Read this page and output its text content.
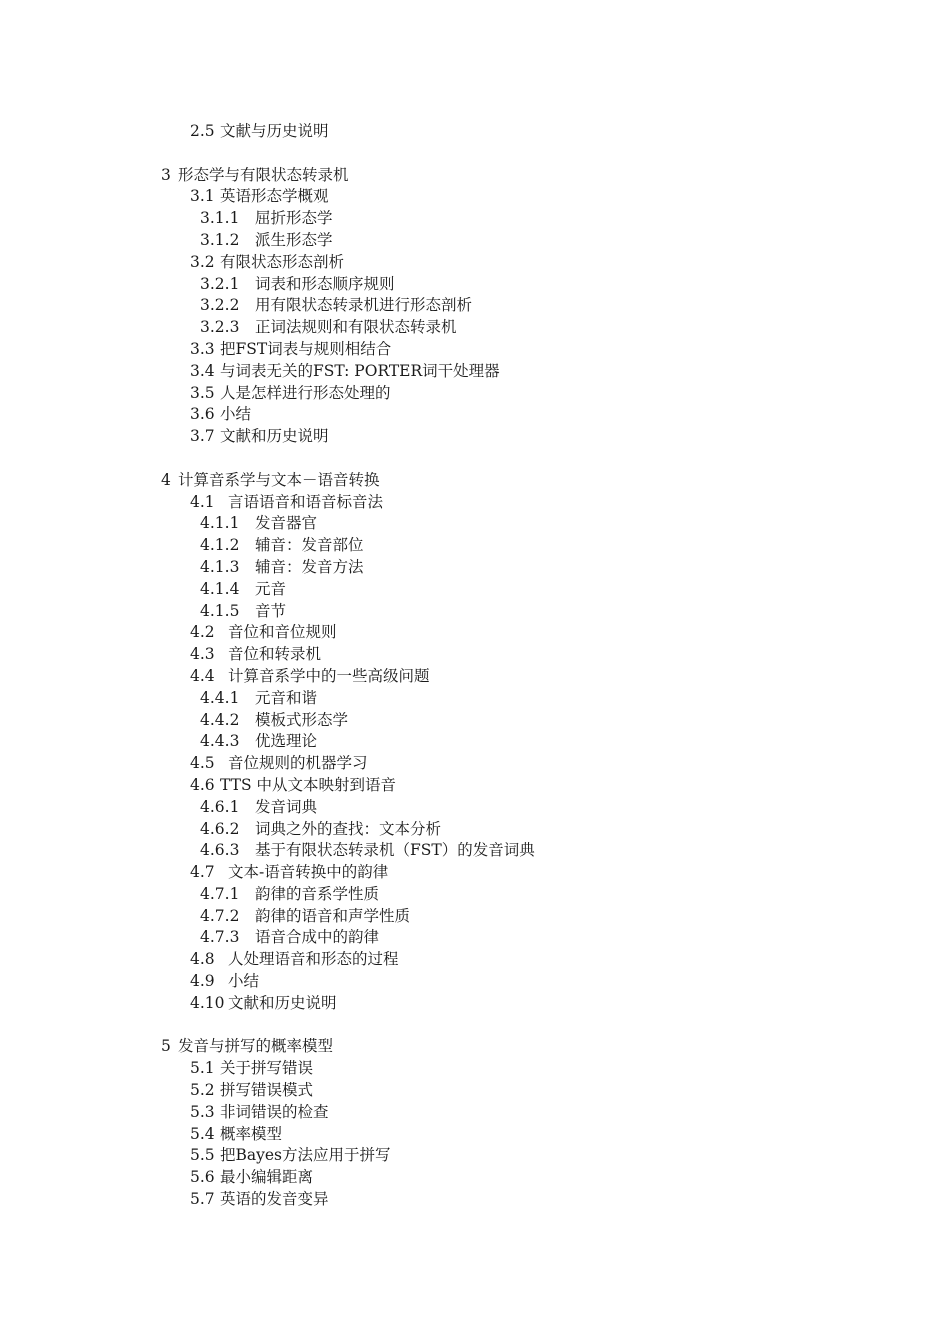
2.5 文献与历史说明
3 形态学与有限状态转录机
3.1 英语形态学概观
3.1.1	屈折形态学
3.1.2	派生形态学
3.2 有限状态形态剖析
3.2.1	词表和形态顺序规则
3.2.2	用有限状态转录机进行形态剖析
3.2.3	正词法规则和有限状态转录机
3.3 把FST词表与规则相结合
3.4 与词表无关的FST: PORTER词干处理器
3.5 人是怎样进行形态处理的
3.6 小结
3.7 文献和历史说明
4 计算音系学与文本－语音转换
4.1 言语语音和语音标音法
4.1.1	发音器官
4.1.2	辅音：发音部位
4.1.3	辅音：发音方法
4.1.4	元音
4.1.5	音节
4.2 音位和音位规则
4.3 音位和转录机
4.4 计算音系学中的一些高级问题
4.4.1	元音和谐
4.4.2	模板式形态学
4.4.3	优选理论
4.5 音位规则的机器学习
4.6 TTS 中从文本映射到语音
4.6.1	发音词典
4.6.2	词典之外的查找：文本分析
4.6.3	基于有限状态转录机（FST）的发音词典
4.7 文本-语音转换中的韵律
4.7.1	韵律的音系学性质
4.7.2	韵律的语音和声学性质
4.7.3	语音合成中的韵律
4.8 人处理语音和形态的过程
4.9 小结
4.10 文献和历史说明
5 发音与拼写的概率模型
5.1 关于拼写错误
5.2 拼写错误模式
5.3 非词错误的检查
5.4 概率模型
5.5 把Bayes方法应用于拼写
5.6 最小编辑距离
5.7 英语的发音变异
